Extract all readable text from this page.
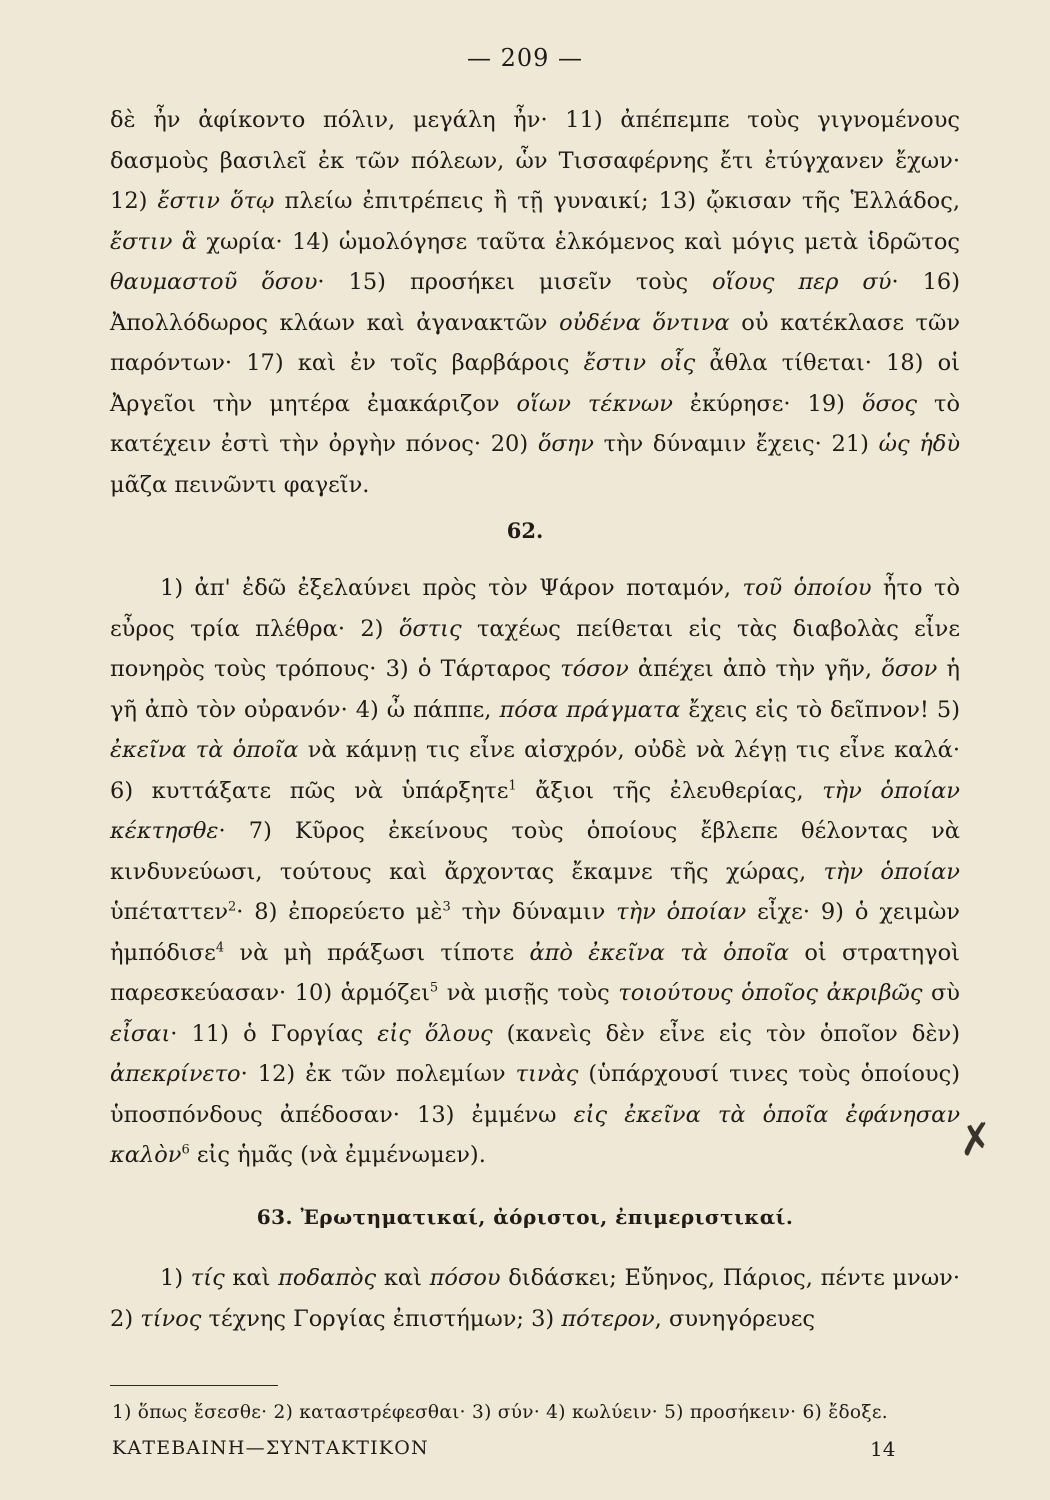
— 209 —

δὲ ἦν ἀφίκοντο πόλιν, μεγάλη ἦν· 11) ἀπέπεμπε τοὺς γιγνομένους δασμοὺς βασιλεῖ ἐκ τῶν πόλεων, ὧν Τισσαφέρνης ἔτι ἐτύγχανεν ἔχων· 12) ἔστιν ὅτῳ πλείω ἐπιτρέπεις ἢ τῇ γυναικί; 13) ᾤκισαν τῆς Ἑλλάδος, ἔστιν ἃ χωρία· 14) ὡμολόγησε ταῦτα ἑλκόμενος καὶ μόγις μετὰ ἱδρῶτος θαυμαστοῦ ὅσου· 15) προσήκει μισεῖν τοὺς οἵους περ σύ· 16) Ἀπολλόδωρος κλάων καὶ ἀγανακτῶν οὐδένα ὅντινα οὐ κατέκλασε τῶν παρόντων· 17) καὶ ἐν τοῖς βαρβάροις ἔστιν οἷς ἆθλα τίθεται· 18) οἱ Ἀργεῖοι τὴν μητέρα ἐμακάριζον οἵων τέκνων ἐκύρησε· 19) ὅσος τὸ κατέχειν ἐστὶ τὴν ὀργὴν πόνος· 20) ὅσην τὴν δύναμιν ἔχεις· 21) ὡς ἡδὺ μᾶζα πεινῶντι φαγεῖν.

62.

1) ἀπ' ἐδῶ ἐξελαύνει πρὸς τὸν Ψάρον ποταμόν, τοῦ ὁποίου ἦτο τὸ εὖρος τρία πλέθρα· 2) ὅστις ταχέως πείθεται εἰς τὰς διαβολὰς εἶνε πονηρὸς τοὺς τρόπους· 3) ὁ Τάρταρος τόσον ἀπέχει ἀπὸ τὴν γῆν, ὅσον ἡ γῆ ἀπὸ τὸν οὐρανόν· 4) ὦ πάππε, πόσα πράγματα ἔχεις εἰς τὸ δεῖπνον! 5) ἐκεῖνα τὰ ὁποῖα νὰ κάμνῃ τις εἶνε αἰσχρόν, οὐδὲ νὰ λέγῃ τις εἶνε καλά· 6) κυττάξατε πῶς νὰ ὑπάρξητε$^1$ ἄξιοι τῆς ἐλευθερίας, τὴν ὁποίαν κέκτησθε· 7) Κῦρος ἐκείνους τοὺς ὁποίους ἔβλεπε θέλοντας νὰ κινδυνεύωσι, τούτους καὶ ἄρχοντας ἔκαμνε τῆς χώρας, τὴν ὁποίαν ὑπέταττεν$^2$· 8) ἐπορεύετο μὲ$^3$ τὴν δύναμιν τὴν ὁποίαν εἶχε· 9) ὁ χειμὼν ἠμπόδισε$^4$ νὰ μὴ πράξωσι τίποτε ἀπὸ ἐκεῖνα τὰ ὁποῖα οἱ στρατηγοὶ παρεσκεύασαν· 10) ἁρμόζει$^5$ νὰ μισῇς τοὺς τοιούτους ὁποῖος ἀκριβῶς σὺ εἶσαι· 11) ὁ Γοργίας εἰς ὅλους (κανεὶς δὲν εἶνε εἰς τὸν ὁποῖον δὲν) ἀπεκρίνετο· 12) ἐκ τῶν πολεμίων τινὰς (ὑπάρχουσί τινες τοὺς ὁποίους) ὑποσπόνδους ἀπέδοσαν· 13) ἐμμένω εἰς ἐκεῖνα τὰ ὁποῖα ἐφάνησαν καλὸν$^6$ εἰς ἡμᾶς (νὰ ἐμμένωμεν).

63. Ἐρωτηματικαί, ἀόριστοι, ἐπιμεριστικαί.

1) τίς καὶ ποδαπὸς καὶ πόσου διδάσκει; Εὔηνος, Πάριος, πέντε μνων· 2) τίνος τέχνης Γοργίας ἐπιστήμων; 3) πότερον, συνηγόρευες

1) ὅπως ἔσεσθε· 2) καταστρέφεσθαι· 3) σύν· 4) κωλύειν· 5) προσήκειν· 6) ἔδοξε.
ΚΑΤΕΒΑΙΝΗ—ΣΥΝΤΑΚΤΙΚΟΝ	14
✗
